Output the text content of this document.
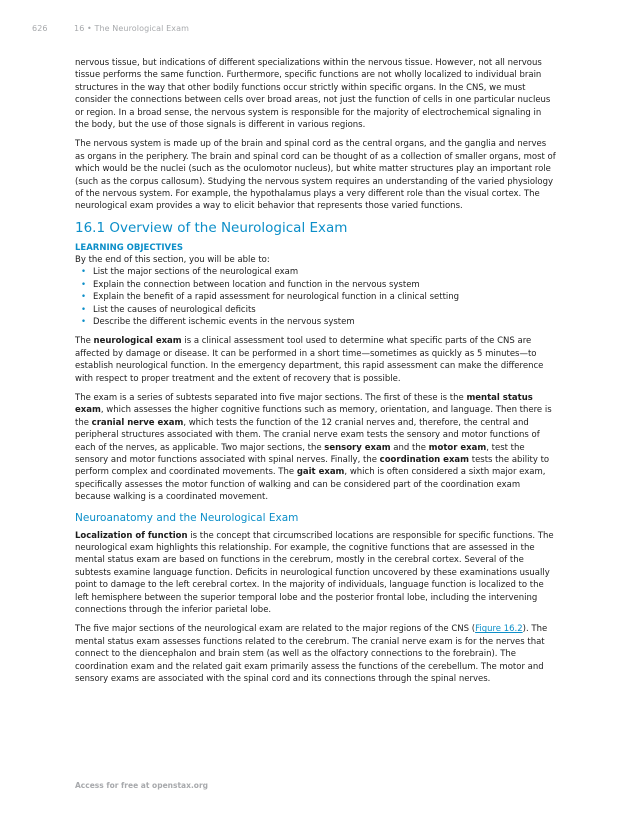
626	16 • The Neurological Exam

nervous tissue, but indications of different specializations within the nervous tissue. However, not all nervous tissue performs the same function. Furthermore, specific functions are not wholly localized to individual brain structures in the way that other bodily functions occur strictly within specific organs. In the CNS, we must consider the connections between cells over broad areas, not just the function of cells in one particular nucleus or region. In a broad sense, the nervous system is responsible for the majority of electrochemical signaling in the body, but the use of those signals is different in various regions.

The nervous system is made up of the brain and spinal cord as the central organs, and the ganglia and nerves as organs in the periphery. The brain and spinal cord can be thought of as a collection of smaller organs, most of which would be the nuclei (such as the oculomotor nucleus), but white matter structures play an important role (such as the corpus callosum). Studying the nervous system requires an understanding of the varied physiology of the nervous system. For example, the hypothalamus plays a very different role than the visual cortex. The neurological exam provides a way to elicit behavior that represents those varied functions.

16.1 Overview of the Neurological Exam
LEARNING OBJECTIVES

By the end of this section, you will be able to:

• List the major sections of the neurological exam
• Explain the connection between location and function in the nervous system
• Explain the benefit of a rapid assessment for neurological function in a clinical setting
• List the causes of neurological deficits
• Describe the different ischemic events in the nervous system

The neurological exam is a clinical assessment tool used to determine what specific parts of the CNS are affected by damage or disease. It can be performed in a short time—sometimes as quickly as 5 minutes—to establish neurological function. In the emergency department, this rapid assessment can make the difference with respect to proper treatment and the extent of recovery that is possible.

The exam is a series of subtests separated into five major sections. The first of these is the mental status exam, which assesses the higher cognitive functions such as memory, orientation, and language. Then there is the cranial nerve exam, which tests the function of the 12 cranial nerves and, therefore, the central and peripheral structures associated with them. The cranial nerve exam tests the sensory and motor functions of each of the nerves, as applicable. Two major sections, the sensory exam and the motor exam, test the sensory and motor functions associated with spinal nerves. Finally, the coordination exam tests the ability to perform complex and coordinated movements. The gait exam, which is often considered a sixth major exam, specifically assesses the motor function of walking and can be considered part of the coordination exam because walking is a coordinated movement.

Neuroanatomy and the Neurological Exam

Localization of function is the concept that circumscribed locations are responsible for specific functions. The neurological exam highlights this relationship. For example, the cognitive functions that are assessed in the mental status exam are based on functions in the cerebrum, mostly in the cerebral cortex. Several of the subtests examine language function. Deficits in neurological function uncovered by these examinations usually point to damage to the left cerebral cortex. In the majority of individuals, language function is localized to the left hemisphere between the superior temporal lobe and the posterior frontal lobe, including the intervening connections through the inferior parietal lobe.

The five major sections of the neurological exam are related to the major regions of the CNS (Figure 16.2). The mental status exam assesses functions related to the cerebrum. The cranial nerve exam is for the nerves that connect to the diencephalon and brain stem (as well as the olfactory connections to the forebrain). The coordination exam and the related gait exam primarily assess the functions of the cerebellum. The motor and sensory exams are associated with the spinal cord and its connections through the spinal nerves.

Access for free at openstax.org
